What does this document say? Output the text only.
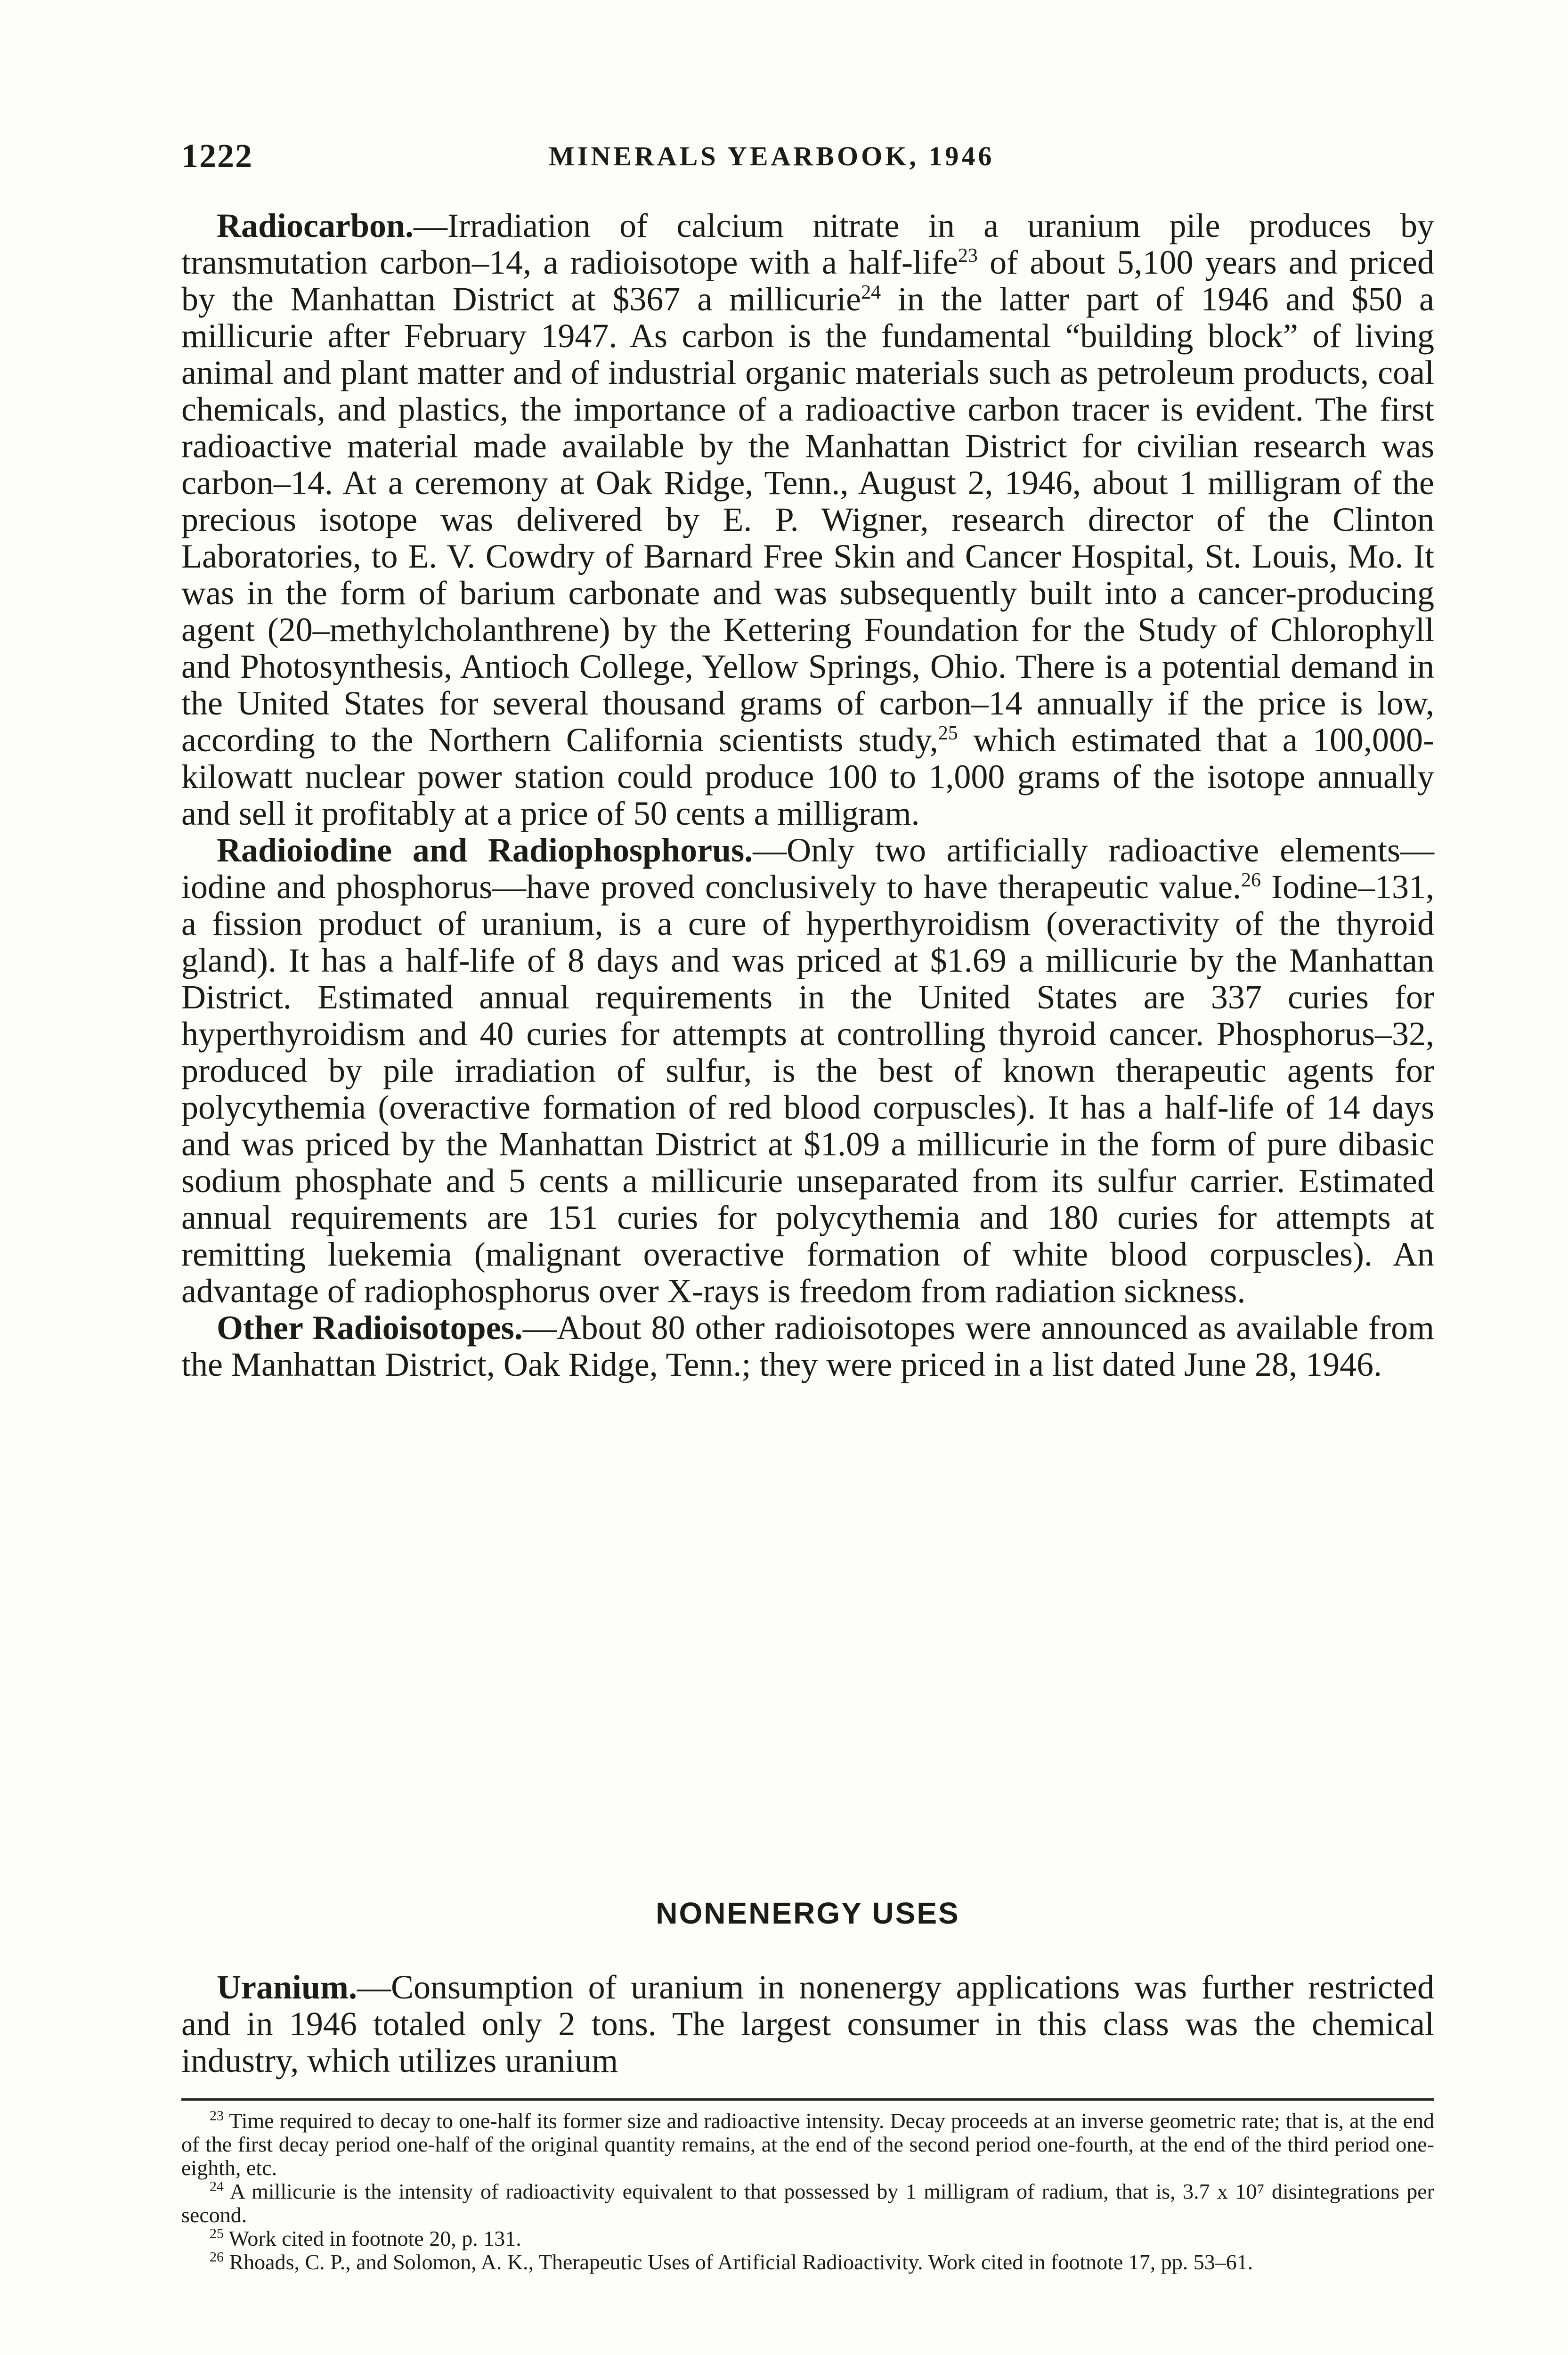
1222	MINERALS YEARBOOK, 1946

Radiocarbon.—Irradiation of calcium nitrate in a uranium pile produces by transmutation carbon–14, a radioisotope with a half-life$^{23}$ of about 5,100 years and priced by the Manhattan District at $367 a millicurie$^{24}$ in the latter part of 1946 and $50 a millicurie after February 1947. As carbon is the fundamental “building block” of living animal and plant matter and of industrial organic materials such as petroleum products, coal chemicals, and plastics, the importance of a radioactive carbon tracer is evident. The first radioactive material made available by the Manhattan District for civilian research was carbon–14. At a ceremony at Oak Ridge, Tenn., August 2, 1946, about 1 milligram of the precious isotope was delivered by E. P. Wigner, research director of the Clinton Laboratories, to E. V. Cowdry of Barnard Free Skin and Cancer Hospital, St. Louis, Mo. It was in the form of barium carbonate and was subsequently built into a cancer-producing agent (20–methylcholanthrene) by the Kettering Foundation for the Study of Chlorophyll and Photosynthesis, Antioch College, Yellow Springs, Ohio. There is a potential demand in the United States for several thousand grams of carbon–14 annually if the price is low, according to the Northern California scientists study,$^{25}$ which estimated that a 100,000-kilowatt nuclear power station could produce 100 to 1,000 grams of the isotope annually and sell it profitably at a price of 50 cents a milligram.

Radioiodine and Radiophosphorus.—Only two artificially radioactive elements—iodine and phosphorus—have proved conclusively to have therapeutic value.$^{26}$ Iodine–131, a fission product of uranium, is a cure of hyperthyroidism (overactivity of the thyroid gland). It has a half-life of 8 days and was priced at $1.69 a millicurie by the Manhattan District. Estimated annual requirements in the United States are 337 curies for hyperthyroidism and 40 curies for attempts at controlling thyroid cancer. Phosphorus–32, produced by pile irradiation of sulfur, is the best of known therapeutic agents for polycythemia (overactive formation of red blood corpuscles). It has a half-life of 14 days and was priced by the Manhattan District at $1.09 a millicurie in the form of pure dibasic sodium phosphate and 5 cents a millicurie unseparated from its sulfur carrier. Estimated annual requirements are 151 curies for polycythemia and 180 curies for attempts at remitting luekemia (malignant overactive formation of white blood corpuscles). An advantage of radiophosphorus over X-rays is freedom from radiation sickness.

Other Radioisotopes.—About 80 other radioisotopes were announced as available from the Manhattan District, Oak Ridge, Tenn.; they were priced in a list dated June 28, 1946.

NONENERGY USES

Uranium.—Consumption of uranium in nonenergy applications was further restricted and in 1946 totaled only 2 tons. The largest consumer in this class was the chemical industry, which utilizes uranium

$^{23}$ Time required to decay to one-half its former size and radioactive intensity. Decay proceeds at an inverse geometric rate; that is, at the end of the first decay period one-half of the original quantity remains, at the end of the second period one-fourth, at the end of the third period one-eighth, etc.

$^{24}$ A millicurie is the intensity of radioactivity equivalent to that possessed by 1 milligram of radium, that is, 3.7 x 10⁷ disintegrations per second.

$^{25}$ Work cited in footnote 20, p. 131.

$^{26}$ Rhoads, C. P., and Solomon, A. K., Therapeutic Uses of Artificial Radioactivity. Work cited in footnote 17, pp. 53–61.
